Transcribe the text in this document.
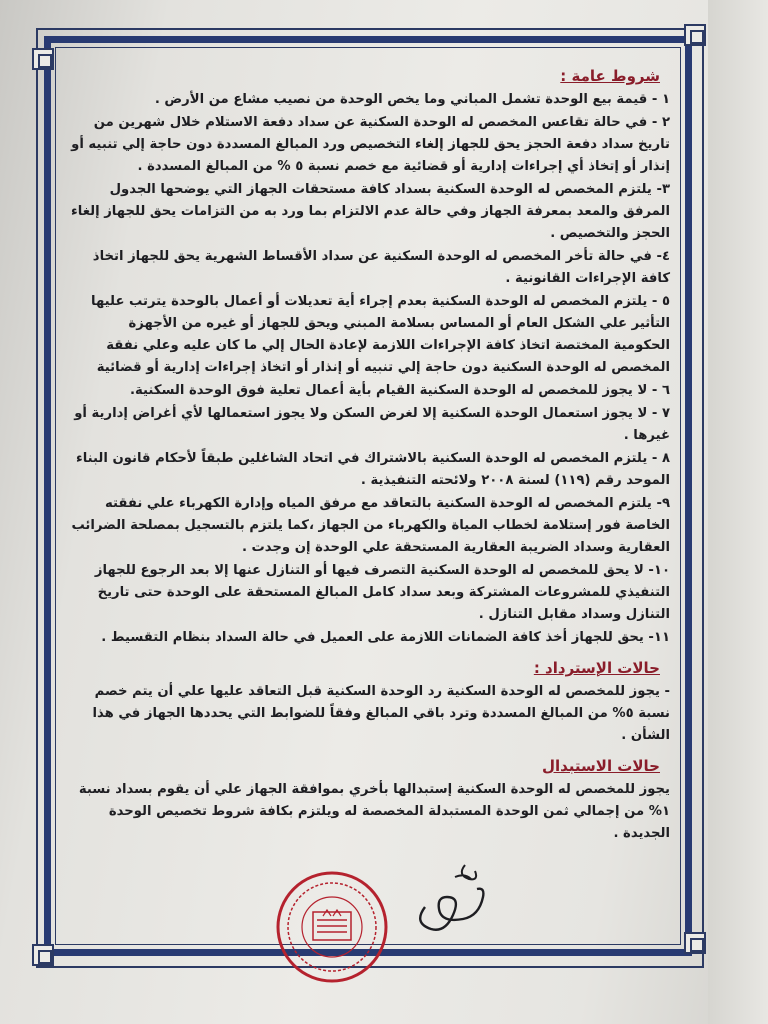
شروط عامة :

١ - قيمة بيع الوحدة تشمل المباني وما يخص الوحدة من نصيب مشاع من الأرض .

٢ - في حالة تقاعس المخصص له الوحدة السكنية عن سداد دفعة الاستلام خلال شهرين من تاريخ سداد دفعة الحجز يحق للجهاز إلغاء التخصيص ورد المبالغ المسددة دون حاجة إلي تنبيه أو إنذار أو إتخاذ أي إجراءات إدارية أو قضائية مع خصم نسبة ٥ % من المبالغ المسددة .

٣- يلتزم المخصص له الوحدة السكنية بسداد كافة مستحقات الجهاز التي يوضحها الجدول المرفق والمعد بمعرفة الجهاز وفي حالة عدم الالتزام بما ورد به من التزامات يحق للجهاز إلغاء الحجز والتخصيص .

٤- في حالة تأخر المخصص له الوحدة السكنية عن سداد الأقساط الشهرية يحق للجهاز اتخاذ كافة الإجراءات القانونية .

٥ - يلتزم المخصص له الوحدة السكنية بعدم إجراء أية تعديلات أو أعمال بالوحدة يترتب عليها التأثير علي الشكل العام أو المساس بسلامة المبني ويحق للجهاز أو غيره من الأجهزة الحكومية المختصة اتخاذ كافة الإجراءات اللازمة لإعادة الحال إلي ما كان عليه وعلي نفقة المخصص له الوحدة السكنية دون حاجة إلي تنبيه أو إنذار أو اتخاذ إجراءات إدارية أو قضائية

٦ - لا يجوز للمخصص له الوحدة السكنية القيام بأية أعمال تعلية فوق الوحدة السكنية.

٧ - لا يجوز استعمال الوحدة السكنية إلا لغرض السكن ولا يجوز استعمالها لأي أغراض إدارية أو غيرها .

٨ - يلتزم المخصص له الوحدة السكنية بالاشتراك في اتحاد الشاغلين طبقاً لأحكام قانون البناء الموحد رقم (١١٩) لسنة ٢٠٠٨ ولائحته التنفيذية .

٩- يلتزم المخصص له الوحدة السكنية بالتعاقد مع مرفق المياه وإدارة الكهرباء علي نفقته الخاصة فور إستلامة لخطاب المياة والكهرباء من الجهاز ،كما يلتزم بالتسجيل بمصلحة الضرائب العقارية وسداد الضريبة العقارية المستحقة علي الوحدة إن وجدت .

١٠- لا يحق للمخصص له الوحدة السكنية التصرف فيها أو التنازل عنها إلا بعد الرجوع للجهاز التنفيذي للمشروعات المشتركة وبعد سداد كامل المبالغ المستحقة على الوحدة حتى تاريخ التنازل وسداد مقابل التنازل .

١١- يحق للجهاز أخذ كافة الضمانات اللازمة على العميل في حالة السداد بنظام التقسيط .

حالات الإسترداد :

- يجوز للمخصص له الوحدة السكنية رد الوحدة السكنية قبل التعاقد عليها علي أن يتم خصم نسبة ٥% من المبالغ المسددة وترد باقي المبالغ وفقاً للضوابط التي يحددها الجهاز في هذا الشأن .

حالات الاستبدال

يجوز للمخصص له الوحدة السكنية إستبدالها بأخري بموافقة الجهاز علي أن يقوم بسداد نسبة ١% من إجمالي ثمن الوحدة المستبدلة المخصصة له ويلتزم بكافة شروط تخصيص الوحدة الجديدة .
